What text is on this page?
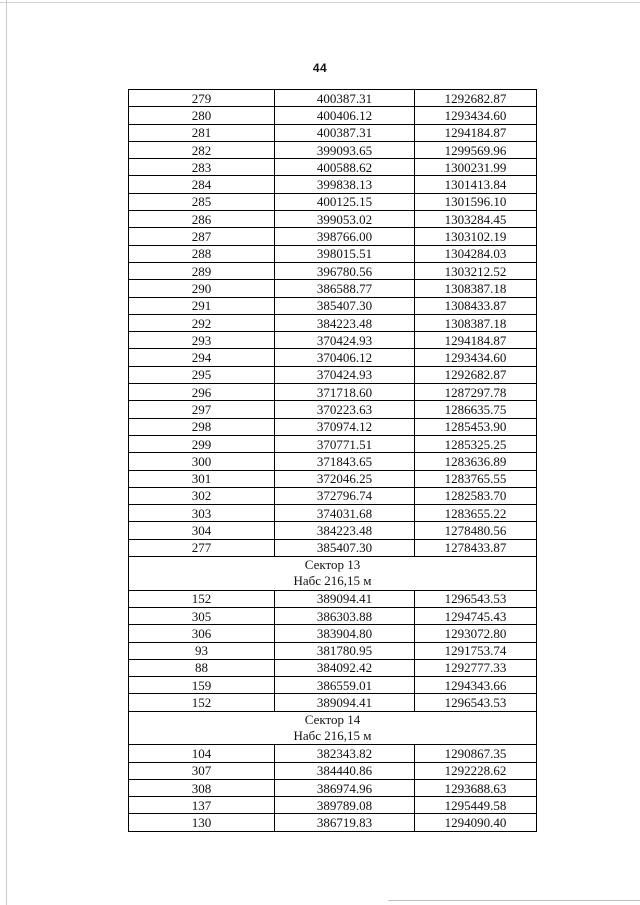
44
279	400387.31	1292682.87
280	400406.12	1293434.60
281	400387.31	1294184.87
282	399093.65	1299569.96
283	400588.62	1300231.99
284	399838.13	1301413.84
285	400125.15	1301596.10
286	399053.02	1303284.45
287	398766.00	1303102.19
288	398015.51	1304284.03
289	396780.56	1303212.52
290	386588.77	1308387.18
291	385407.30	1308433.87
292	384223.48	1308387.18
293	370424.93	1294184.87
294	370406.12	1293434.60
295	370424.93	1292682.87
296	371718.60	1287297.78
297	370223.63	1286635.75
298	370974.12	1285453.90
299	370771.51	1285325.25
300	371843.65	1283636.89
301	372046.25	1283765.55
302	372796.74	1282583.70
303	374031.68	1283655.22
304	384223.48	1278480.56
277	385407.30	1278433.87

Сектор 13
Набс 216,15 м		

152	389094.41	1296543.53
305	386303.88	1294745.43
306	383904.80	1293072.80
93	381780.95	1291753.74
88	384092.42	1292777.33
159	386559.01	1294343.66
152	389094.41	1296543.53

Сектор 14
Набс 216,15 м		

104	382343.82	1290867.35
307	384440.86	1292228.62
308	386974.96	1293688.63
137	389789.08	1295449.58
130	386719.83	1294090.40
